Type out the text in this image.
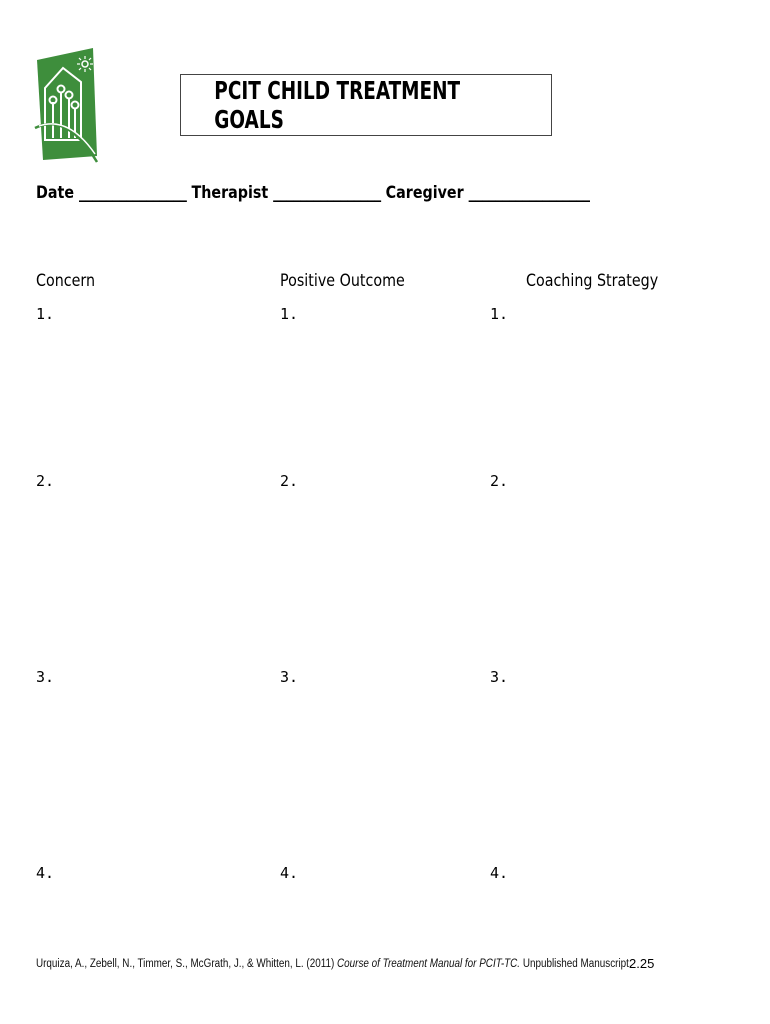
PCIT CHILD TREATMENT GOALS
Date ________________ Therapist ________________ Caregiver __________________
Concern	Positive Outcome	Coaching Strategy
1.
2.
3.
4.
1.
2.
3.
4.
1.
2.
3.
4.
Urquiza, A., Zebell, N., Timmer, S., McGrath, J., & Whitten, L. (2011) Course of Treatment Manual for PCIT-TC. Unpublished Manuscript.
2.25
